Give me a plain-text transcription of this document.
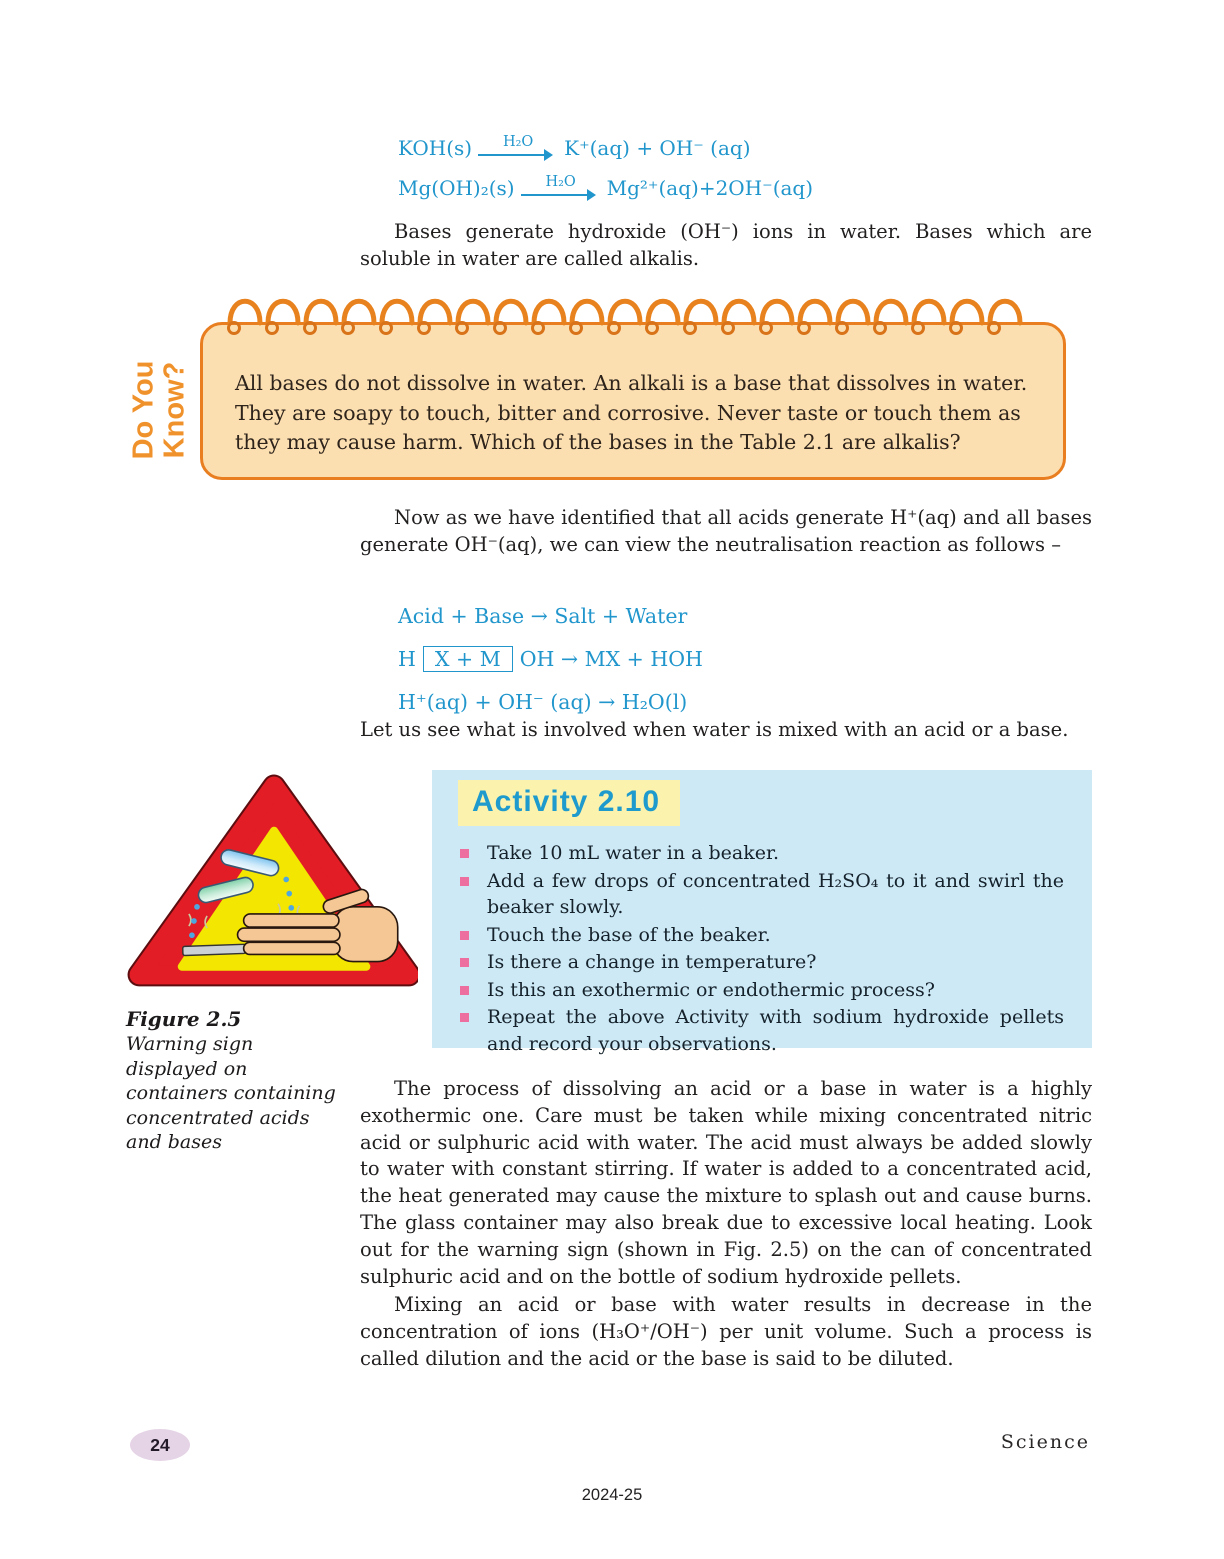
KOH(s) H₂O K⁺(aq) + OH⁻ (aq)
Mg(OH)₂(s) H₂O Mg²⁺(aq)+2OH⁻(aq)
Bases generate hydroxide (OH⁻) ions in water. Bases which are soluble in water are called alkalis.
Do You Know? All bases do not dissolve in water. An alkali is a base that dissolves in water. They are soapy to touch, bitter and corrosive. Never taste or touch them as they may cause harm. Which of the bases in the Table 2.1 are alkalis?
Now as we have identified that all acids generate H⁺(aq) and all bases generate OH⁻(aq), we can view the neutralisation reaction as follows –
Acid + Base → Salt + Water
H X + M OH → MX + HOH
H⁺(aq) + OH⁻ (aq) → H₂O(l)
Let us see what is involved when water is mixed with an acid or a base.
Figure 2.5
Warning sign displayed on containers containing concentrated acids and bases
Activity 2.10
Take 10 mL water in a beaker.
Add a few drops of concentrated H₂SO₄ to it and swirl the beaker slowly.
Touch the base of the beaker.
Is there a change in temperature?
Is this an exothermic or endothermic process?
Repeat the above Activity with sodium hydroxide pellets and record your observations.
The process of dissolving an acid or a base in water is a highly exothermic one. Care must be taken while mixing concentrated nitric acid or sulphuric acid with water. The acid must always be added slowly to water with constant stirring. If water is added to a concentrated acid, the heat generated may cause the mixture to splash out and cause burns. The glass container may also break due to excessive local heating. Look out for the warning sign (shown in Fig. 2.5) on the can of concentrated sulphuric acid and on the bottle of sodium hydroxide pellets.
Mixing an acid or base with water results in decrease in the concentration of ions (H₃O⁺/OH⁻) per unit volume. Such a process is called dilution and the acid or the base is said to be diluted.
24	Science
2024-25
